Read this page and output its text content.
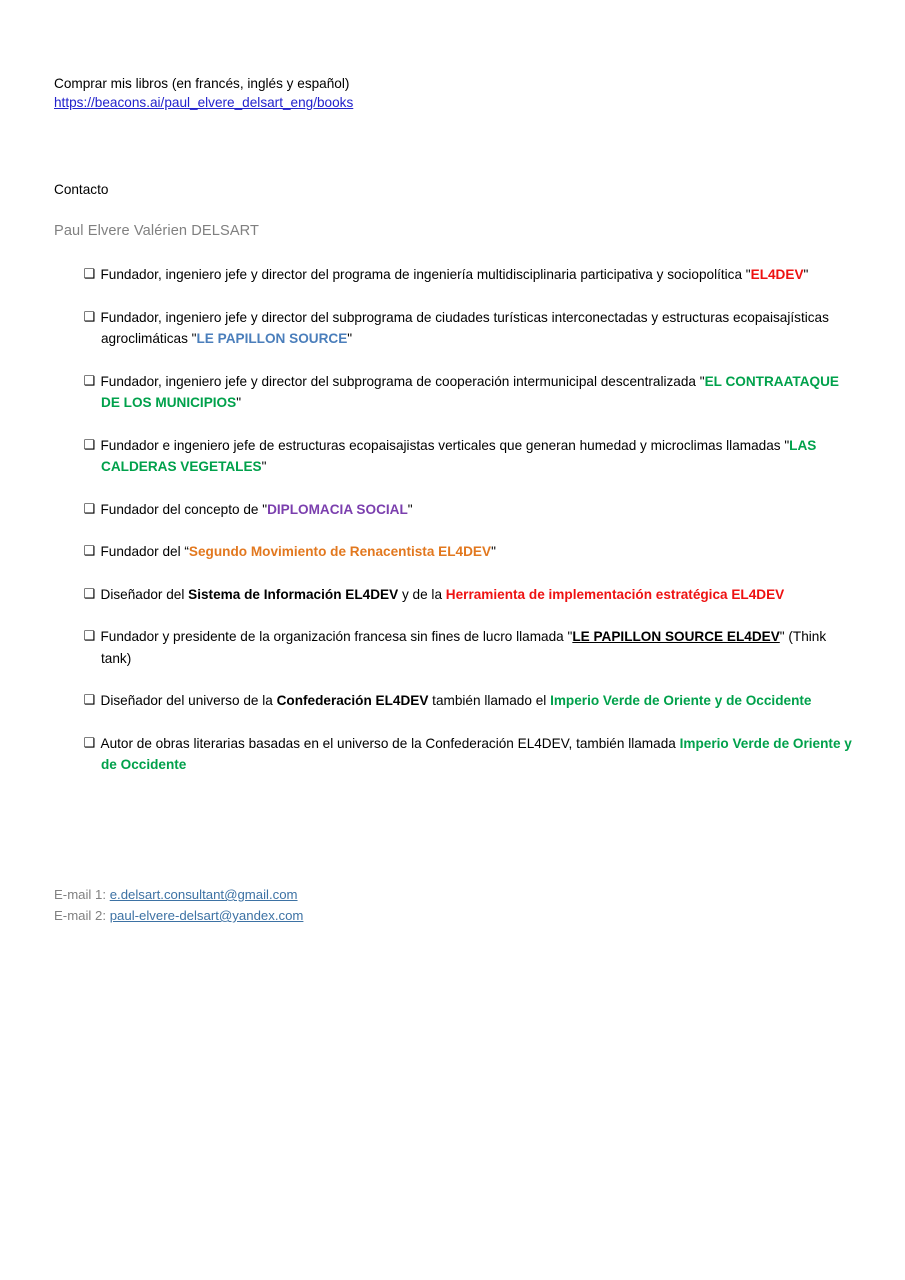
Comprar mis libros (en francés, inglés y español)
https://beacons.ai/paul_elvere_delsart_eng/books
Contacto
Paul Elvere Valérien DELSART
❑ Fundador, ingeniero jefe y director del programa de ingeniería multidisciplinaria participativa y sociopolítica "EL4DEV"
❑ Fundador, ingeniero jefe y director del subprograma de ciudades turísticas interconectadas y estructuras ecopaisajísticas agroclimáticas "LE PAPILLON SOURCE"
❑ Fundador, ingeniero jefe y director del subprograma de cooperación intermunicipal descentralizada "EL CONTRAATAQUE DE LOS MUNICIPIOS"
❑ Fundador e ingeniero jefe de estructuras ecopaisajistas verticales que generan humedad y microclimas llamadas "LAS CALDERAS VEGETALES"
❑ Fundador del concepto de "DIPLOMACIA SOCIAL"
❑ Fundador del “Segundo Movimiento de Renacentista EL4DEV"
❑ Diseñador del Sistema de Información EL4DEV y de la Herramienta de implementación estratégica EL4DEV
❑ Fundador y presidente de la organización francesa sin fines de lucro llamada "LE PAPILLON SOURCE EL4DEV" (Think tank)
❑ Diseñador del universo de la Confederación EL4DEV también llamado el Imperio Verde de Oriente y de Occidente
❑ Autor de obras literarias basadas en el universo de la Confederación EL4DEV, también llamada Imperio Verde de Oriente y de Occidente
E-mail 1: e.delsart.consultant@gmail.com
E-mail 2: paul-elvere-delsart@yandex.com
